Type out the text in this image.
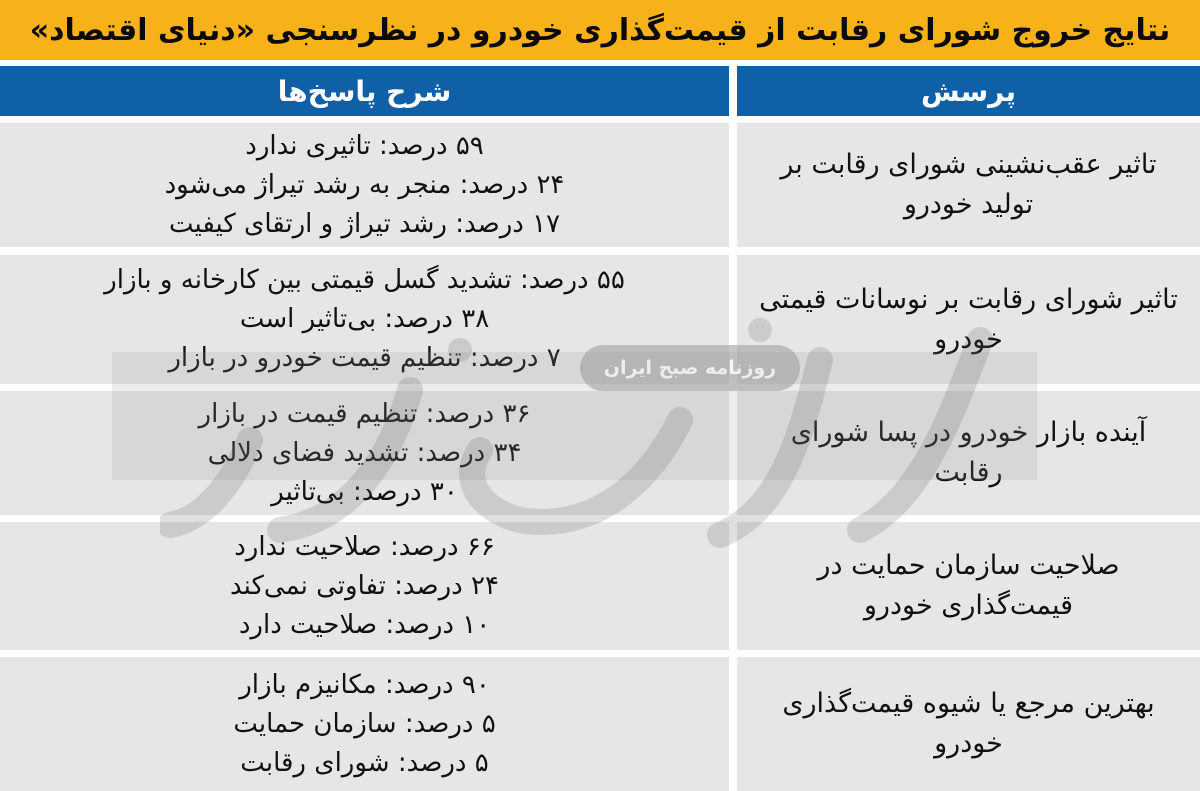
نتایج خروج شورای رقابت از قیمت‌گذاری خودرو در نظرسنجی «دنیای اقتصاد»
پرسش
شرح پاسخ‌ها
تاثیر عقب‌نشینی شورای رقابت بر تولید خودرو
۵۹ درصد: تاثیری ندارد
۲۴ درصد: منجر به رشد تیراژ می‌شود
۱۷ درصد: رشد تیراژ و ارتقای کیفیت
تاثیر شورای رقابت بر نوسانات قیمتی خودرو
۵۵ درصد: تشدید گسل قیمتی بین کارخانه و بازار
۳۸ درصد: بی‌تاثیر است
۷ درصد: تنظیم قیمت خودرو در بازار
آینده بازار خودرو در پسا شورای رقابت
۳۶ درصد: تنظیم قیمت در بازار
۳۴ درصد: تشدید فضای دلالی
۳۰ درصد: بی‌تاثیر
صلاحیت سازمان حمایت در قیمت‌گذاری خودرو
۶۶ درصد: صلاحیت ندارد
۲۴ درصد: تفاوتی نمی‌کند
۱۰ درصد: صلاحیت دارد
بهترین مرجع یا شیوه قیمت‌گذاری خودرو
۹۰ درصد: مکانیزم بازار
۵ درصد: سازمان حمایت
۵ درصد: شورای رقابت
روزنامه صبح ایران
